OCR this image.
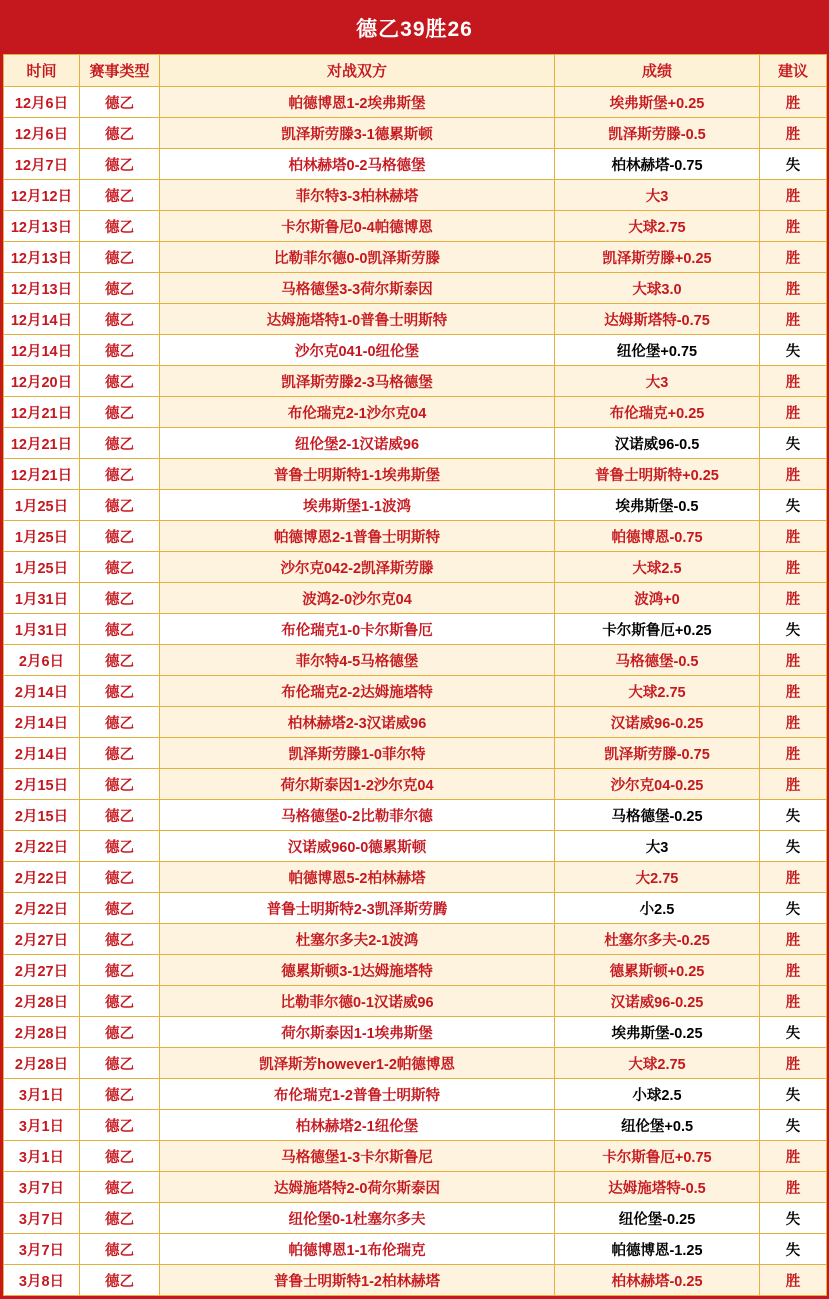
德乙39胜26
时间	赛事类型	对战双方	成绩	建议
12月6日	德乙	帕德博恩1-2埃弗斯堡	埃弗斯堡+0.25	胜
12月6日	德乙	凯泽斯劳滕3-1德累斯顿	凯泽斯劳滕-0.5	胜
12月7日	德乙	柏林赫塔0-2马格德堡	柏林赫塔-0.75	失
12月12日	德乙	菲尔特3-3柏林赫塔	大3	胜
12月13日	德乙	卡尔斯鲁尼0-4帕德博恩	大球2.75	胜
12月13日	德乙	比勒菲尔德0-0凯泽斯劳滕	凯泽斯劳滕+0.25	胜
12月13日	德乙	马格德堡3-3荷尔斯泰因	大球3.0	胜
12月14日	德乙	达姆施塔特1-0普鲁士明斯特	达姆斯塔特-0.75	胜
12月14日	德乙	沙尔克041-0纽伦堡	纽伦堡+0.75	失
12月20日	德乙	凯泽斯劳滕2-3马格德堡	大3	胜
12月21日	德乙	布伦瑞克2-1沙尔克04	布伦瑞克+0.25	胜
12月21日	德乙	纽伦堡2-1汉诺威96	汉诺威96-0.5	失
12月21日	德乙	普鲁士明斯特1-1埃弗斯堡	普鲁士明斯特+0.25	胜
1月25日	德乙	埃弗斯堡1-1波鸿	埃弗斯堡-0.5	失
1月25日	德乙	帕德博恩2-1普鲁士明斯特	帕德博恩-0.75	胜
1月25日	德乙	沙尔克042-2凯泽斯劳滕	大球2.5	胜
1月31日	德乙	波鸿2-0沙尔克04	波鸿+0	胜
1月31日	德乙	布伦瑞克1-0卡尔斯鲁厄	卡尔斯鲁厄+0.25	失
2月6日	德乙	菲尔特4-5马格德堡	马格德堡-0.5	胜
2月14日	德乙	布伦瑞克2-2达姆施塔特	大球2.75	胜
2月14日	德乙	柏林赫塔2-3汉诺威96	汉诺威96-0.25	胜
2月14日	德乙	凯泽斯劳滕1-0菲尔特	凯泽斯劳滕-0.75	胜
2月15日	德乙	荷尔斯泰因1-2沙尔克04	沙尔克04-0.25	胜
2月15日	德乙	马格德堡0-2比勒菲尔德	马格德堡-0.25	失
2月22日	德乙	汉诺威960-0德累斯顿	大3	失
2月22日	德乙	帕德博恩5-2柏林赫塔	大2.75	胜
2月22日	德乙	普鲁士明斯特2-3凯泽斯劳腾	小2.5	失
2月27日	德乙	杜塞尔多夫2-1波鸿	杜塞尔多夫-0.25	胜
2月27日	德乙	德累斯顿3-1达姆施塔特	德累斯顿+0.25	胜
2月28日	德乙	比勒菲尔德0-1汉诺威96	汉诺威96-0.25	胜
2月28日	德乙	荷尔斯泰因1-1埃弗斯堡	埃弗斯堡-0.25	失
2月28日	德乙	凯泽斯芳however1-2帕德博恩	大球2.75	胜
3月1日	德乙	布伦瑞克1-2普鲁士明斯特	小球2.5	失
3月1日	德乙	柏林赫塔2-1纽伦堡	纽伦堡+0.5	失
3月1日	德乙	马格德堡1-3卡尔斯鲁尼	卡尔斯鲁厄+0.75	胜
3月7日	德乙	达姆施塔特2-0荷尔斯泰因	达姆施塔特-0.5	胜
3月7日	德乙	纽伦堡0-1杜塞尔多夫	纽伦堡-0.25	失
3月7日	德乙	帕德博恩1-1布伦瑞克	帕德博恩-1.25	失
3月8日	德乙	普鲁士明斯特1-2柏林赫塔	柏林赫塔-0.25	胜
